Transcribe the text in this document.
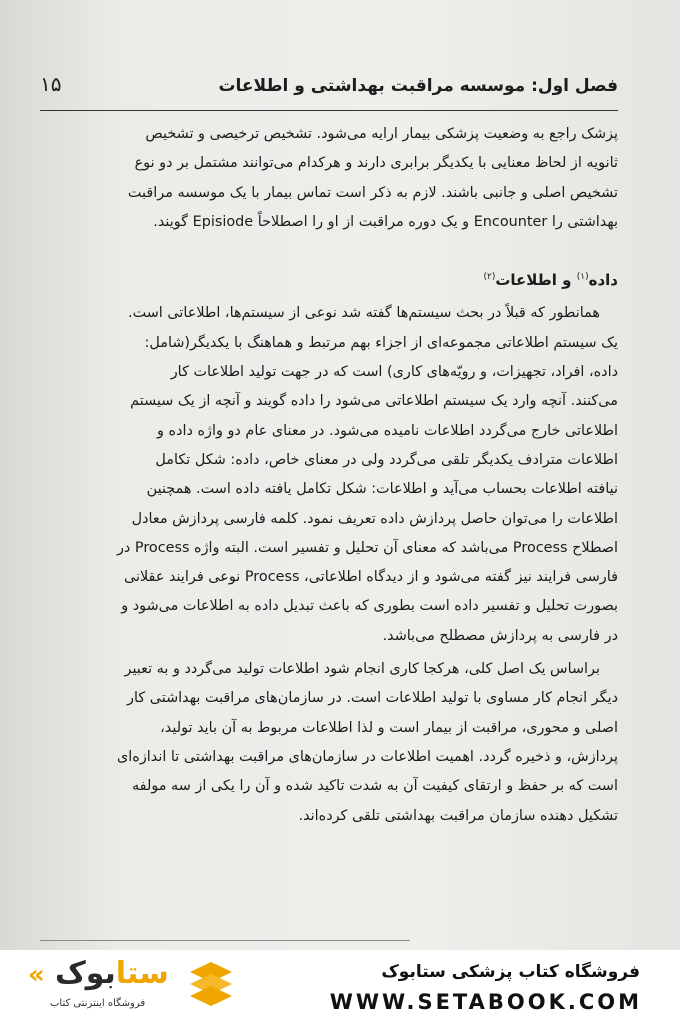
فصل اول: موسسه مراقبت بهداشتی و اطلاعات
۱۵

پزشک راجع به وضعیت پزشکی بیمار ارایه می‌شود. تشخیص ترخیصی و تشخیص

ثانویه از لحاظ معنایی با یکدیگر برابری دارند و هرکدام می‌توانند مشتمل بر دو نوع

تشخیص اصلی و جانبی باشند. لازم به ذکر است تماس بیمار با یک موسسه مراقبت

بهداشتی را Encounter و یک دوره مراقبت از او را اصطلاحاً Episiode گویند.

داده$^{(۱)}$ و اطلاعات$^{(۲)}$

همانطور که قبلاً در بحث سیستم‌ها گفته شد نوعی از سیستم‌ها، اطلاعاتی است.

یک سیستم اطلاعاتی مجموعه‌ای از اجزاء بهم مرتبط و هماهنگ با یکدیگر(شامل:

داده، افراد، تجهیزات، و رویّه‌های کاری) است که در جهت تولید اطلاعات کار

می‌کنند. آنچه وارد یک سیستم اطلاعاتی می‌شود را داده گویند و آنچه از یک سیستم

اطلاعاتی خارج می‌گردد اطلاعات نامیده می‌شود. در معنای عام دو واژه داده و

اطلاعات مترادف یکدیگر تلقی می‌گردد ولی در معنای خاص، داده: شکل تکامل

نیافته اطلاعات بحساب می‌آید و اطلاعات: شکل تکامل یافته داده است. همچنین

اطلاعات را می‌توان حاصل پردازش داده تعریف نمود. کلمه فارسی پردازش معادل

اصطلاح Process می‌باشد که معنای آن تحلیل و تفسیر است. البته واژه Process در

فارسی فرایند نیز گفته می‌شود و از دیدگاه اطلاعاتی، Process نوعی فرایند عقلانی

بصورت تحلیل و تفسیر داده است بطوری که باعث تبدیل داده به اطلاعات می‌شود و

در فارسی به پردازش مصطلح می‌باشد.

براساس یک اصل کلی، هرکجا کاری انجام شود اطلاعات تولید می‌گردد و به تعبیر

دیگر انجام کار مساوی با تولید اطلاعات است. در سازمان‌های مراقبت بهداشتی کار

اصلی و محوری، مراقبت از بیمار است و لذا اطلاعات مربوط به آن باید تولید،

پردازش، و ذخیره گردد. اهمیت اطلاعات در سازمان‌های مراقبت بهداشتی تا اندازه‌ای

است که بر حفظ و ارتقای کیفیت آن به شدت تاکید شده و آن را یکی از سه مولفه

تشکیل دهنده سازمان مراقبت بهداشتی تلقی کرده‌اند.

«	ستابوک
فروشگاه اینترنتی کتاب
فروشگاه کتاب پزشکی ستابوک
WWW.SETABOOK.COM
